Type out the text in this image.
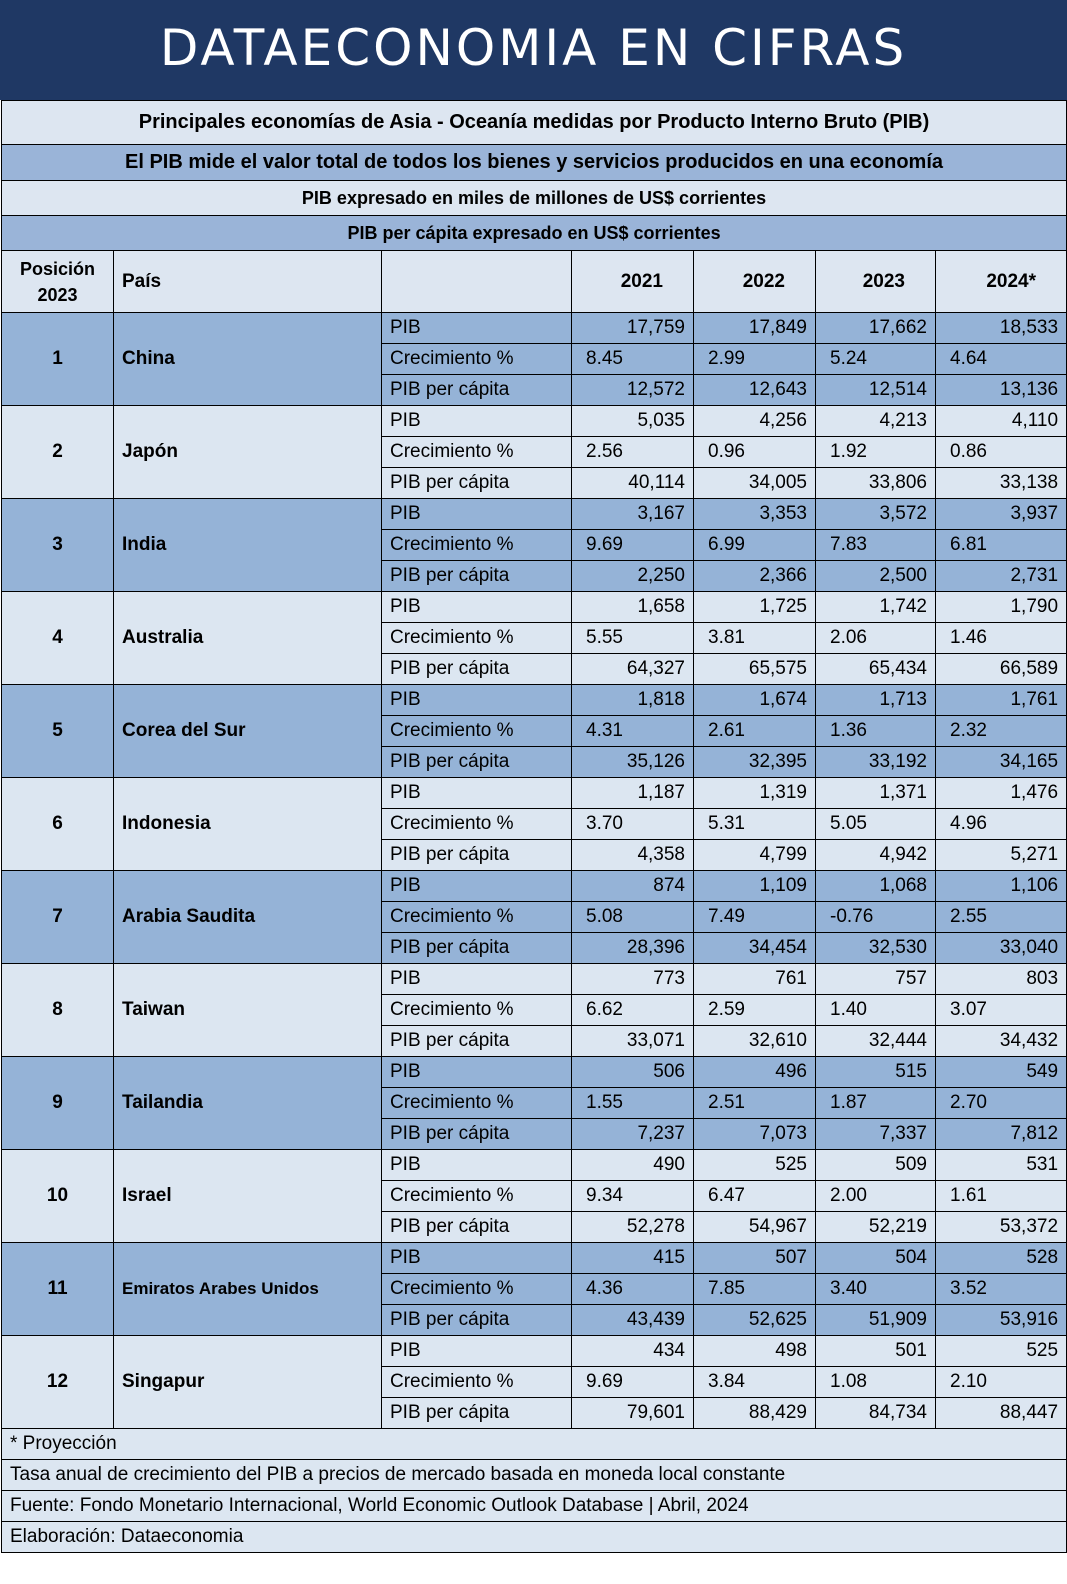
DATAECONOMIA EN CIFRAS
Principales economías de Asia - Oceanía medidas por Producto Interno Bruto (PIB)						
El PIB mide el valor total de todos los bienes y servicios producidos en una economía						
PIB expresado en miles de millones de US$ corrientes						
PIB per cápita expresado en US$ corrientes						
Posición 2023	País		2021	2022	2023	2024*
1	China	PIB	17,759	17,849	17,662	18,533
		Crecimiento %	8.45	2.99	5.24	4.64
		PIB per cápita	12,572	12,643	12,514	13,136
2	Japón	PIB	5,035	4,256	4,213	4,110
		Crecimiento %	2.56	0.96	1.92	0.86
		PIB per cápita	40,114	34,005	33,806	33,138
3	India	PIB	3,167	3,353	3,572	3,937
		Crecimiento %	9.69	6.99	7.83	6.81
		PIB per cápita	2,250	2,366	2,500	2,731
4	Australia	PIB	1,658	1,725	1,742	1,790
		Crecimiento %	5.55	3.81	2.06	1.46
		PIB per cápita	64,327	65,575	65,434	66,589
5	Corea del Sur	PIB	1,818	1,674	1,713	1,761
		Crecimiento %	4.31	2.61	1.36	2.32
		PIB per cápita	35,126	32,395	33,192	34,165
6	Indonesia	PIB	1,187	1,319	1,371	1,476
		Crecimiento %	3.70	5.31	5.05	4.96
		PIB per cápita	4,358	4,799	4,942	5,271
7	Arabia Saudita	PIB	874	1,109	1,068	1,106
		Crecimiento %	5.08	7.49	-0.76	2.55
		PIB per cápita	28,396	34,454	32,530	33,040
8	Taiwan	PIB	773	761	757	803
		Crecimiento %	6.62	2.59	1.40	3.07
		PIB per cápita	33,071	32,610	32,444	34,432
9	Tailandia	PIB	506	496	515	549
		Crecimiento %	1.55	2.51	1.87	2.70
		PIB per cápita	7,237	7,073	7,337	7,812
10	Israel	PIB	490	525	509	531
		Crecimiento %	9.34	6.47	2.00	1.61
		PIB per cápita	52,278	54,967	52,219	53,372
11	Emiratos Arabes Unidos	PIB	415	507	504	528
		Crecimiento %	4.36	7.85	3.40	3.52
		PIB per cápita	43,439	52,625	51,909	53,916
12	Singapur	PIB	434	498	501	525
		Crecimiento %	9.69	3.84	1.08	2.10
		PIB per cápita	79,601	88,429	84,734	88,447
* Proyección						
Tasa anual de crecimiento del PIB a precios de mercado basada en moneda local constante						
Fuente: Fondo Monetario Internacional, World Economic Outlook Database | Abril, 2024						
Elaboración: Dataeconomia						
